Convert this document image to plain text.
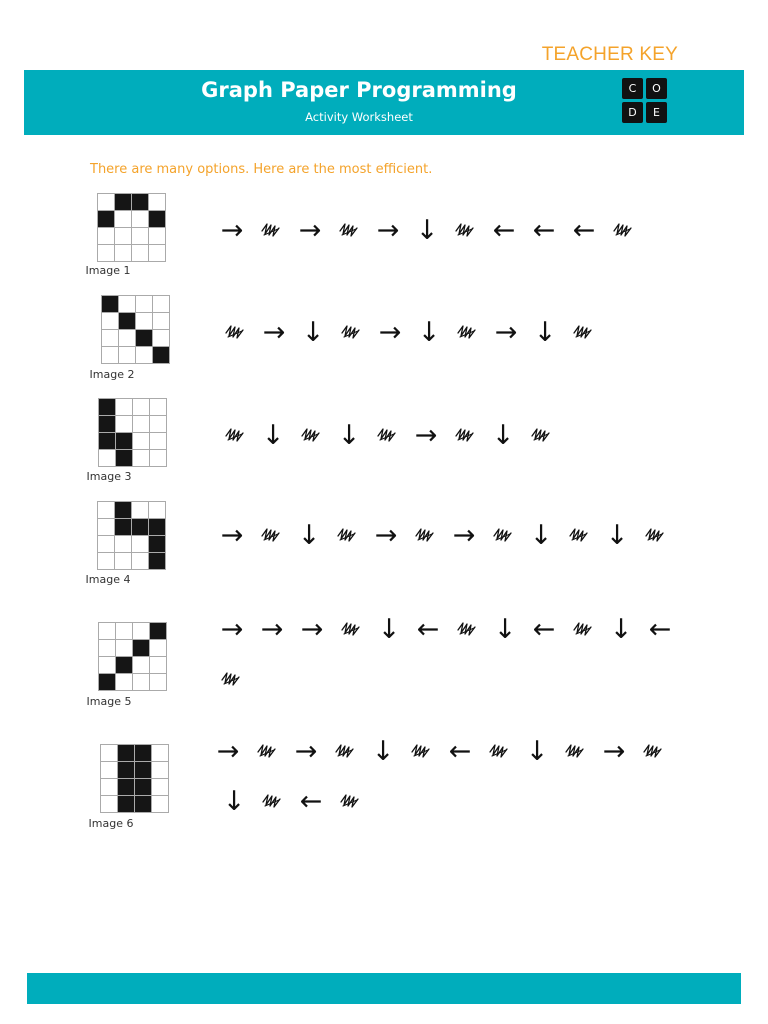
TEACHER KEY
Graph Paper Programming
Activity Worksheet
C	O
D	E
There are many options. Here are the most efficient.
Image 1
→	→	→ ↓	← ← ←
Image 2
→ ↓	→ ↓	→ ↓
Image 3
↓ ↓	→	↓
Image 4
→	↓	→	→	↓ ↓
Image 5
→ → →	↓ ←	↓ ←	↓ ←
Image 6
→	→	↓	←	↓	→
↓	←
